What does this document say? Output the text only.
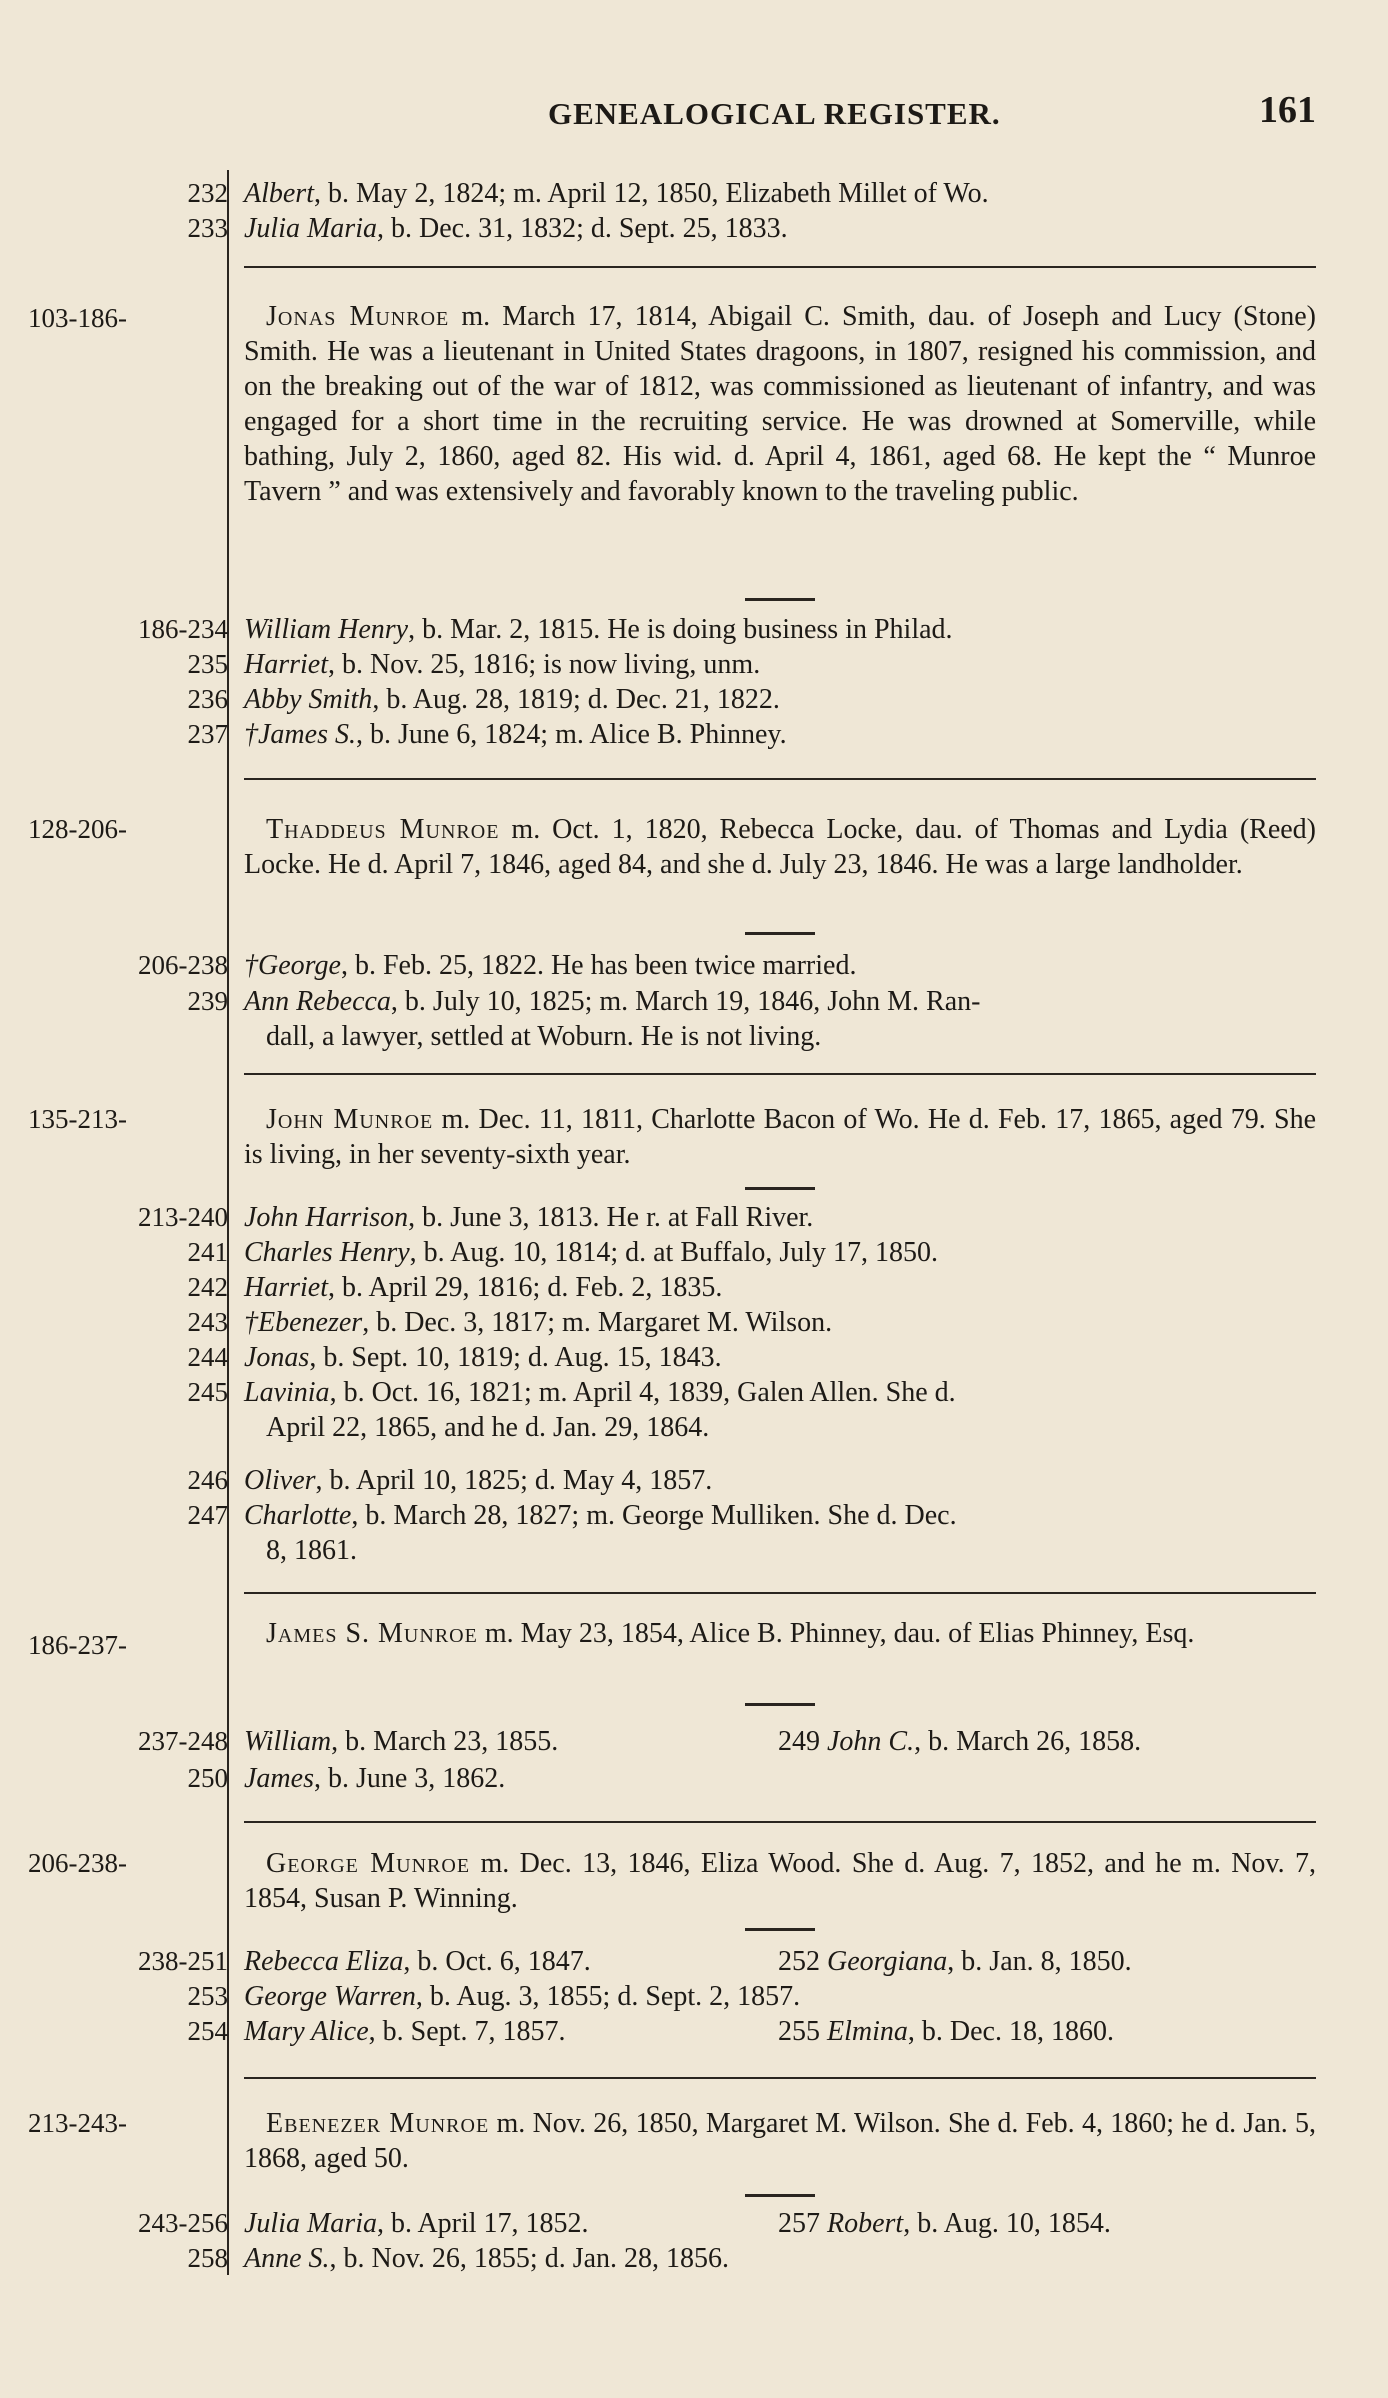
GENEALOGICAL REGISTER.	161
232 Albert, b. May 2, 1824; m. April 12, 1850, Elizabeth Millet of Wo.
233 Julia Maria, b. Dec. 31, 1832; d. Sept. 25, 1833.
103-186-	Jonas Munroe m. March 17, 1814, Abigail C. Smith, dau. of Joseph and Lucy (Stone) Smith. He was a lieutenant in United States dragoons, in 1807, resigned his commission, and on the breaking out of the war of 1812, was commissioned as lieutenant of infantry, and was engaged for a short time in the recruiting service. He was drowned at Somerville, while bathing, July 2, 1860, aged 82. His wid. d. April 4, 1861, aged 68. He kept the “ Munroe Tavern ” and was extensively and favorably known to the traveling public.
186-234 William Henry, b. Mar. 2, 1815. He is doing business in Philad.
235 Harriet, b. Nov. 25, 1816; is now living, unm.
236 Abby Smith, b. Aug. 28, 1819; d. Dec. 21, 1822.
237 †James S., b. June 6, 1824; m. Alice B. Phinney.
128-206-	Thaddeus Munroe m. Oct. 1, 1820, Rebecca Locke, dau. of Thomas and Lydia (Reed) Locke. He d. April 7, 1846, aged 84, and she d. July 23, 1846. He was a large landholder.
206-238 †George, b. Feb. 25, 1822. He has been twice married.
239 Ann Rebecca, b. July 10, 1825; m. March 19, 1846, John M. Ran-
dall, a lawyer, settled at Woburn. He is not living.
135-213-	John Munroe m. Dec. 11, 1811, Charlotte Bacon of Wo. He d. Feb. 17, 1865, aged 79. She is living, in her seventy-sixth year.
213-240 John Harrison, b. June 3, 1813. He r. at Fall River.
241 Charles Henry, b. Aug. 10, 1814; d. at Buffalo, July 17, 1850.
242 Harriet, b. April 29, 1816; d. Feb. 2, 1835.
243 †Ebenezer, b. Dec. 3, 1817; m. Margaret M. Wilson.
244 Jonas, b. Sept. 10, 1819; d. Aug. 15, 1843.
245 Lavinia, b. Oct. 16, 1821; m. April 4, 1839, Galen Allen. She d.
April 22, 1865, and he d. Jan. 29, 1864.
246 Oliver, b. April 10, 1825; d. May 4, 1857.
247 Charlotte, b. March 28, 1827; m. George Mulliken. She d. Dec.
8, 1861.
186-237-	James S. Munroe m. May 23, 1854, Alice B. Phinney, dau. of Elias Phinney, Esq.
237-248 William, b. March 23, 1855.	249 John C., b. March 26, 1858.
250 James, b. June 3, 1862.
206-238-	George Munroe m. Dec. 13, 1846, Eliza Wood. She d. Aug. 7, 1852, and he m. Nov. 7, 1854, Susan P. Winning.
238-251 Rebecca Eliza, b. Oct. 6, 1847.	252 Georgiana, b. Jan. 8, 1850.
253 George Warren, b. Aug. 3, 1855; d. Sept. 2, 1857.
254 Mary Alice, b. Sept. 7, 1857.	255 Elmina, b. Dec. 18, 1860.
213-243-	Ebenezer Munroe m. Nov. 26, 1850, Margaret M. Wilson. She d. Feb. 4, 1860; he d. Jan. 5, 1868, aged 50.
243-256 Julia Maria, b. April 17, 1852.	257 Robert, b. Aug. 10, 1854.
258 Anne S., b. Nov. 26, 1855; d. Jan. 28, 1856.
